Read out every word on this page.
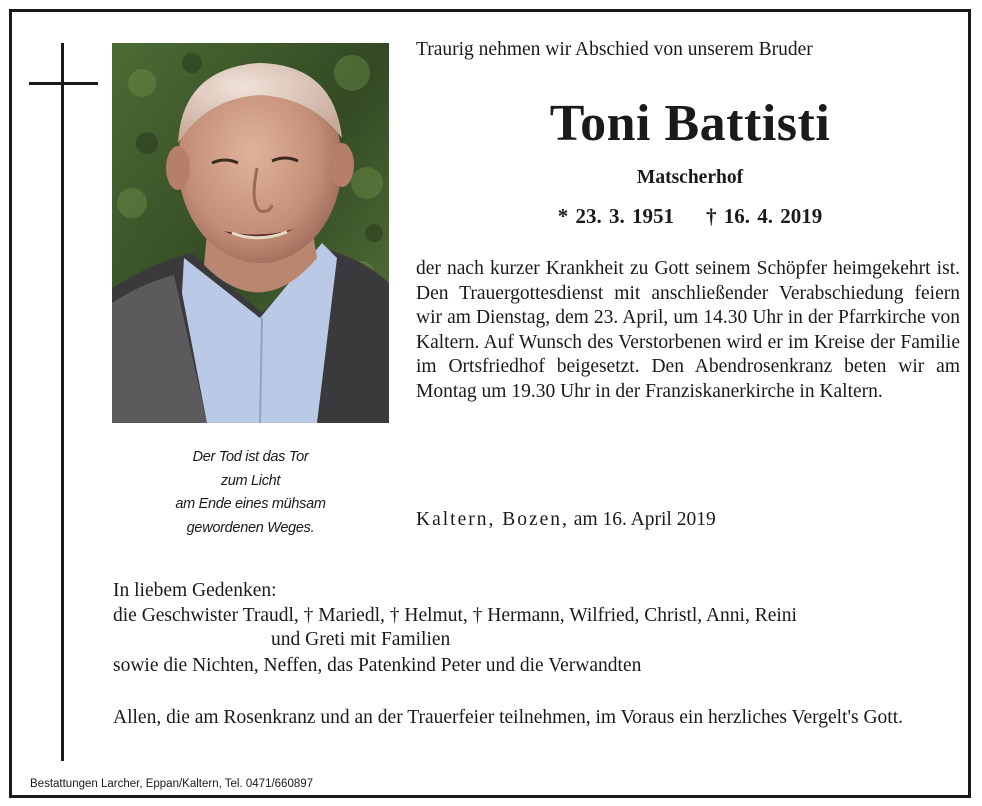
Der Tod ist das Tor
zum Licht
am Ende eines mühsam
gewordenen Weges.
Traurig nehmen wir Abschied von unserem Bruder
Toni Battisti
Matscherhof
* 23. 3. 1951 † 16. 4. 2019
der nach kurzer Krankheit zu Gott seinem Schöpfer heimgekehrt ist. Den Trauergottesdienst mit anschließender Verabschiedung feiern wir am Dienstag, dem 23. April, um 14.30 Uhr in der Pfarrkirche von Kaltern. Auf Wunsch des Verstorbenen wird er im Kreise der Familie im Ortsfriedhof beigesetzt. Den Abendrosenkranz beten wir am Montag um 19.30 Uhr in der Franziskanerkirche in Kaltern.
Kaltern, Bozen, am 16. April 2019
In liebem Gedenken:
die Geschwister Traudl, † Mariedl, † Helmut, † Hermann, Wilfried, Christl, Anni, Reini
und Greti mit Familien
sowie die Nichten, Neffen, das Patenkind Peter und die Verwandten
Allen, die am Rosenkranz und an der Trauerfeier teilnehmen, im Voraus ein herzliches Vergelt's Gott.
Bestattungen Larcher, Eppan/Kaltern, Tel. 0471/660897
